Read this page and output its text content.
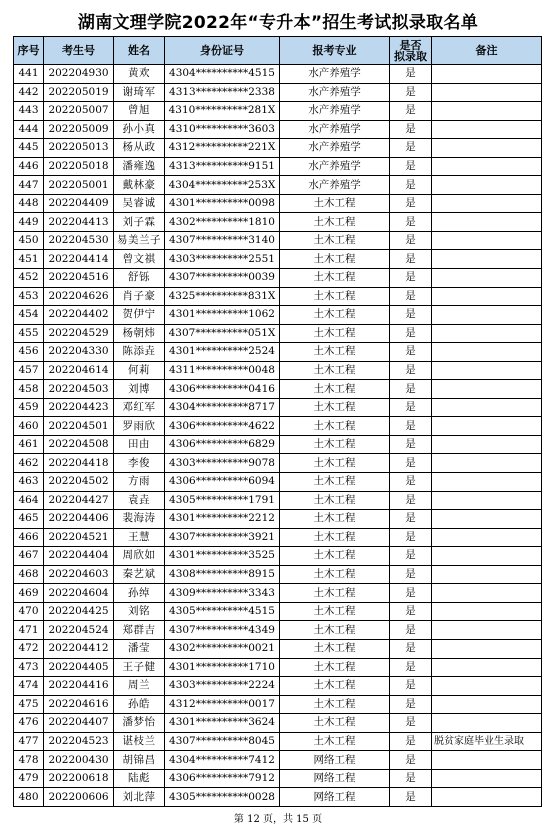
湖南文理学院2022年“专升本”招生考试拟录取名单
序号	考生号	姓名	身份证号	报考专业	是否
拟录取	备注
441	202204930	黄欢	4304**********4515	水产养殖学	是	
442	202205019	谢琦军	4313**********2338	水产养殖学	是	
443	202205007	曾旭	4310**********281X	水产养殖学	是	
444	202205009	孙小真	4310**********3603	水产养殖学	是	
445	202205013	杨从政	4312**********221X	水产养殖学	是	
446	202205018	潘雍逸	4313**********9151	水产养殖学	是	
447	202205001	戴林豪	4304**********253X	水产养殖学	是	
448	202204409	吴睿诚	4301**********0098	土木工程	是	
449	202204413	刘子霖	4302**********1810	土木工程	是	
450	202204530	易美兰子	4307**********3140	土木工程	是	
451	202204414	曾文祺	4303**********2551	土木工程	是	
452	202204516	舒铄	4307**********0039	土木工程	是	
453	202204626	肖子豪	4325**********831X	土木工程	是	
454	202204402	贺伊宁	4301**********1062	土木工程	是	
455	202204529	杨朝炜	4307**********051X	土木工程	是	
456	202204330	陈添垚	4301**********2524	土木工程	是	
457	202204614	何莉	4311**********0048	土木工程	是	
458	202204503	刘博	4306**********0416	土木工程	是	
459	202204423	邓红军	4304**********8717	土木工程	是	
460	202204501	罗雨欣	4306**********4622	土木工程	是	
461	202204508	田由	4306**********6829	土木工程	是	
462	202204418	李俊	4303**********9078	土木工程	是	
463	202204502	方雨	4306**********6094	土木工程	是	
464	202204427	袁垚	4305**********1791	土木工程	是	
465	202204406	裴海涛	4301**********2212	土木工程	是	
466	202204521	王慧	4307**********3921	土木工程	是	
467	202204404	周欣如	4301**********3525	土木工程	是	
468	202204603	秦艺斌	4308**********8915	土木工程	是	
469	202204604	孙绰	4309**********3343	土木工程	是	
470	202204425	刘铭	4305**********4515	土木工程	是	
471	202204524	郑群吉	4307**********4349	土木工程	是	
472	202204412	潘莹	4302**********0021	土木工程	是	
473	202204405	王子健	4301**********1710	土木工程	是	
474	202204416	周兰	4303**********2224	土木工程	是	
475	202204616	孙皓	4312**********0017	土木工程	是	
476	202204407	潘梦怡	4301**********3624	土木工程	是	
477	202204523	谌枝兰	4307**********8045	土木工程	是	脱贫家庭毕业生录取
478	202200430	胡锦昌	4304**********7412	网络工程	是	
479	202200618	陆彪	4306**********7912	网络工程	是	
480	202200606	刘北萍	4305**********0028	网络工程	是	
第 12 页，共 15 页
